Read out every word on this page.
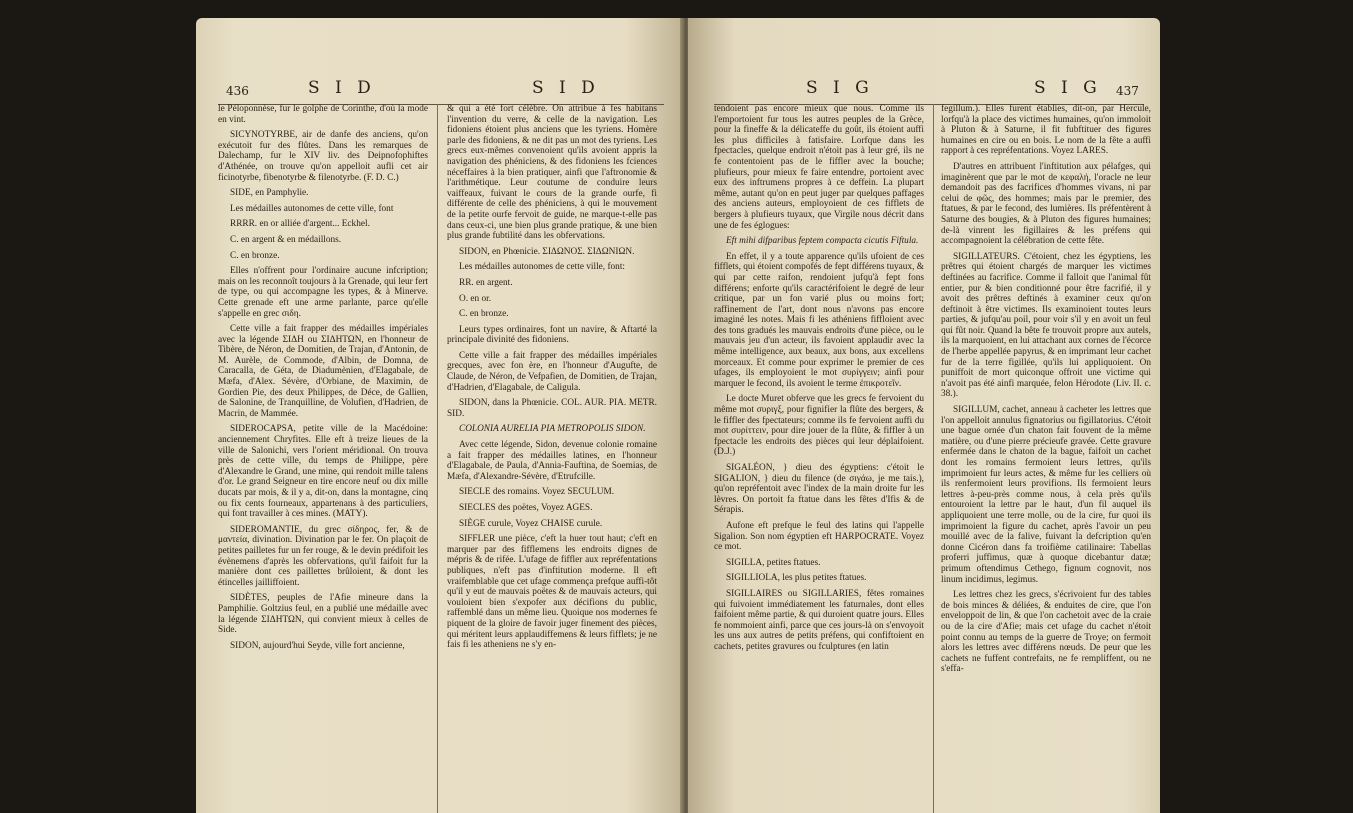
436	S I D	S I D

le Péloponnèse, fur le golphe de Corinthe, d'où la mode en vint.

SICYNOTYRBE, air de danfe des anciens, qu'on exécutoit fur des flûtes. Dans les remarques de Dalechamp, fur le XIV liv. des Deipnofophiftes d'Athénée, on trouve qu'on appelloit aufli cet air ficinotyrbe, fibenotyrbe & filenotyrbe. (F. D. C.)

SIDE, en Pamphylie.

Les médailles autonomes de cette ville, font

RRRR. en or alliée d'argent... Eckhel.

C. en argent & en médaillons.

C. en bronze.

Elles n'offrent pour l'ordinaire aucune infcription; mais on les reconnoît toujours à la Grenade, qui leur fert de type, ou qui accompagne les types, & à Minerve. Cette grenade eft une arme parlante, parce qu'elle s'appelle en grec σιδη.

Cette ville a fait frapper des médailles impériales avec la légende ΣΙΔΗ ou ΣΙΔΗΤΩΝ, en l'honneur de Tibère, de Néron, de Domitien, de Trajan, d'Antonin, de M. Aurèle, de Commode, d'Albin, de Domna, de Caracalla, de Géta, de Diadumènien, d'Elagabale, de Mæfa, d'Alex. Sévère, d'Orbiane, de Maximin, de Gordien Pie, des deux Philippes, de Déce, de Gallien, de Salonine, de Tranquilline, de Volufien, d'Hadrien, de Macrin, de Mammée.

SIDEROCAPSA, petite ville de la Macédoine: anciennement Chryfites. Elle eft à treize lieues de la ville de Salonichi, vers l'orient méridional. On trouva près de cette ville, du temps de Philippe, père d'Alexandre le Grand, une mine, qui rendoit mille talens d'or. Le grand Seigneur en tire encore neuf ou dix mille ducats par mois, & il y a, dit-on, dans la montagne, cinq ou fix cents fourneaux, appartenans à des particuliers, qui font travailler à ces mines. (MATY).

SIDEROMANTIE, du grec σίδηρος, fer, & de μαντεία, divination. Divination par le fer. On plaçoit de petites pailletes fur un fer rouge, & le devin prédifoit les évènemens d'après les obfervations, qu'il faifoit fur la manière dont ces paillettes brûloient, & dont les étincelles jailliffoient.

SIDÈTES, peuples de l'Afie mineure dans la Pamphilie. Goltzius feul, en a publié une médaille avec la légende ΣΙΔΗΤΩΝ, qui convient mieux à celles de Side.

SIDON, aujourd'hui Seyde, ville fort ancienne,

& qui a été fort célèbre. On attribue à fes habitans l'invention du verre, & celle de la navigation. Les fidoniens étoient plus anciens que les tyriens. Homère parle des fidoniens, & ne dit pas un mot des tyriens. Les grecs eux-mêmes convenoient qu'ils avoient appris la navigation des phéniciens, & des fidoniens les fciences néceffaires à la bien pratiquer, ainfi que l'aftronomie & l'arithmétique. Leur coutume de conduire leurs vaiffeaux, fuivant le cours de la grande ourfe, fi différente de celle des phéniciens, à qui le mouvement de la petite ourfe fervoit de guide, ne marque-t-elle pas dans ceux-ci, une bien plus grande pratique, & une bien plus grande fubtilité dans les obfervations.

SIDON, en Phœnicie. ΣΙΔΩΝΟΣ. ΣΙΔΩΝΙΩΝ.

Les médailles autonomes de cette ville, font:

RR. en argent.

O. en or.

C. en bronze.

Leurs types ordinaires, font un navire, & Aftarté la principale divinité des fidoniens.

Cette ville a fait frapper des médailles impériales grecques, avec fon ère, en l'honneur d'Augufte, de Claude, de Néron, de Vefpafien, de Domitien, de Trajan, d'Hadrien, d'Elagabale, de Caligula.

SIDON, dans la Phœnicie. COL. AUR. PIA. METR. SID.

COLONIA AURELIA PIA METROPOLIS SIDON.

Avec cette légende, Sidon, devenue colonie romaine a fait frapper des médailles latines, en l'honneur d'Elagabale, de Paula, d'Annia-Fauftina, de Soemias, de Mæfa, d'Alexandre-Sévère, d'Etrufcille.

SIECLE des romains. Voyez SECULUM.

SIECLES des poëtes, Voyez AGES.

SIÈGE curule, Voyez CHAISE curule.

SIFFLER une pièce, c'eft la huer tout haut; c'eft en marquer par des fifflemens les endroits dignes de mépris & de rifée. L'ufage de fiffler aux repréfentations publiques, n'eft pas d'inftitution moderne. Il eft vraifemblable que cet ufage commença prefque auffi-tôt qu'il y eut de mauvais poëtes & de mauvais acteurs, qui vouloient bien s'expofer aux décifions du public, raffemblé dans un même lieu. Quoique nos modernes fe piquent de la gloire de favoir juger finement des pièces, qui méritent leurs applaudiffemens & leurs fifflets; je ne fais fi les atheniens ne s'y en-

S I G	S I G 437

tendoient pas encore mieux que nous. Comme ils l'emportoient fur tous les autres peuples de la Grèce, pour la fineffe & la délicateffe du goût, ils étoient auffi les plus difficiles à fatisfaire. Lorfque dans les fpectacles, quelque endroit n'étoit pas à leur gré, ils ne fe contentoient pas de le fiffler avec la bouche; plufieurs, pour mieux fe faire entendre, portoient avec eux des inftrumens propres à ce deffein. La plupart même, autant qu'on en peut juger par quelques paffages des anciens auteurs, employoient de ces fifflets de bergers à plufieurs tuyaux, que Virgile nous décrit dans une de fes églogues:

Eft mihi difparibus feptem compacta cicutis Fiftula.

En effet, il y a toute apparence qu'ils ufoient de ces fifflets, qui étoient compofés de fept différens tuyaux, & qui par cette raifon, rendoient jufqu'à fept fons différens; enforte qu'ils caractérifoient le degré de leur critique, par un fon varié plus ou moins fort; raffinement de l'art, dont nous n'avons pas encore imaginé les notes. Mais fi les athéniens fiffloient avec des tons gradués les mauvais endroits d'une pièce, ou le mauvais jeu d'un acteur, ils favoient applaudir avec la même intelligence, aux beaux, aux bons, aux excellens morceaux. Et comme pour exprimer le premier de ces ufages, ils employoient le mot συρίγγειν; ainfi pour marquer le fecond, ils avoient le terme ἐπικροτεῖν.

Le docte Muret obferve que les grecs fe fervoient du même mot συριγξ, pour fignifier la flûte des bergers, & le fiffler des fpectateurs; comme ils fe fervoient auffi du mot συρίττειν, pour dire jouer de la flûte, & fiffler à un fpectacle les endroits des pièces qui leur déplaifoient. (D.J.)

SIGALÉON, } dieu des égyptiens: c'étoit le SIGALION, } dieu du filence (de σιγάω, je me tais.), qu'on repréfentoit avec l'index de la main droite fur les lèvres. On portoit fa ftatue dans les fêtes d'Ifis & de Sérapis.

Aufone eft prefque le feul des latins qui l'appelle Sigalion. Son nom égyptien eft HARPOCRATE. Voyez ce mot.

SIGILLA, petites ftatues.

SIGILLIOLA, les plus petites ftatues.

SIGILLAIRES ou SIGILLARIES, fêtes romaines qui fuivoient immédiatement les faturnales, dont elles faifoient même partie, & qui duroient quatre jours. Elles fe nommoient ainfi, parce que ces jours-là on s'envoyoit les uns aux autres de petits préfens, qui confiftoient en cachets, petites gravures ou fculptures (en latin

fegillum.). Elles furent établies, dit-on, par Hercule, lorfqu'à la place des victimes humaines, qu'on immoloit à Pluton & à Saturne, il fit fubftituer des figures humaines en cire ou en bois. Le nom de la fête a auffi rapport à ces repréfentations. Voyez LARES.

D'autres en attribuent l'inftitution aux pélafges, qui imaginèrent que par le mot de κεφαλή, l'oracle ne leur demandoit pas des facrifices d'hommes vivans, ni par celui de φῶς, des hommes; mais par le premier, des ftatues, & par le fecond, des lumières. Ils préfentèrent à Saturne des bougies, & à Pluton des figures humaines; de-là vinrent les figillaires & les préfens qui accompagnoient la célébration de cette fête.

SIGILLATEURS. C'étoient, chez les égyptiens, les prêtres qui étoient chargés de marquer les victimes deftinées au facrifice. Comme il falloit que l'animal fût entier, pur & bien conditionné pour être facrifié, il y avoit des prêtres deftinés à examiner ceux qu'on deftinoit à être victimes. Ils examinoient toutes leurs parties, & jufqu'au poil, pour voir s'il y en avoit un feul qui fût noir. Quand la bête fe trouvoit propre aux autels, ils la marquoient, en lui attachant aux cornes de l'écorce de l'herbe appellée papyrus, & en imprimant leur cachet fur de la terre figillée, qu'ils lui appliquoient. On puniffoit de mort quiconque offroit une victime qui n'avoit pas été ainfi marquée, felon Hérodote (Liv. II. c. 38.).

SIGILLUM, cachet, anneau à cacheter les lettres que l'on appelloit annulus fignatorius ou figillatorius. C'étoit une bague ornée d'un chaton fait fouvent de la même matière, ou d'une pierre précieufe gravée. Cette gravure enfermée dans le chaton de la bague, faifoit un cachet dont les romains fermoient leurs lettres, qu'ils imprimoient fur leurs actes, & même fur les celliers où ils renfermoient leurs provifions. Ils fermoient leurs lettres à-peu-près comme nous, à cela près qu'ils entouroient la lettre par le haut, d'un fil auquel ils appliquoient une terre molle, ou de la cire, fur quoi ils imprimoient la figure du cachet, après l'avoir un peu mouillé avec de la falive, fuivant la defcription qu'en donne Cicéron dans fa troifième catilinaire: Tabellas proferri juffimus, quæ à quoque dicebantur datæ; primum oftendimus Cethego, fignum cognovit, nos linum incidimus, legimus.

Les lettres chez les grecs, s'écrivoient fur des tables de bois minces & déliées, & enduites de cire, que l'on enveloppoit de lin, & que l'on cachetoit avec de la craie ou de la cire d'Afie; mais cet ufage du cachet n'étoit point connu au temps de la guerre de Troye; on fermoit alors les lettres avec différens nœuds. De peur que les cachets ne fuffent contrefaits, ne fe rempliffent, ou ne s'effa-
